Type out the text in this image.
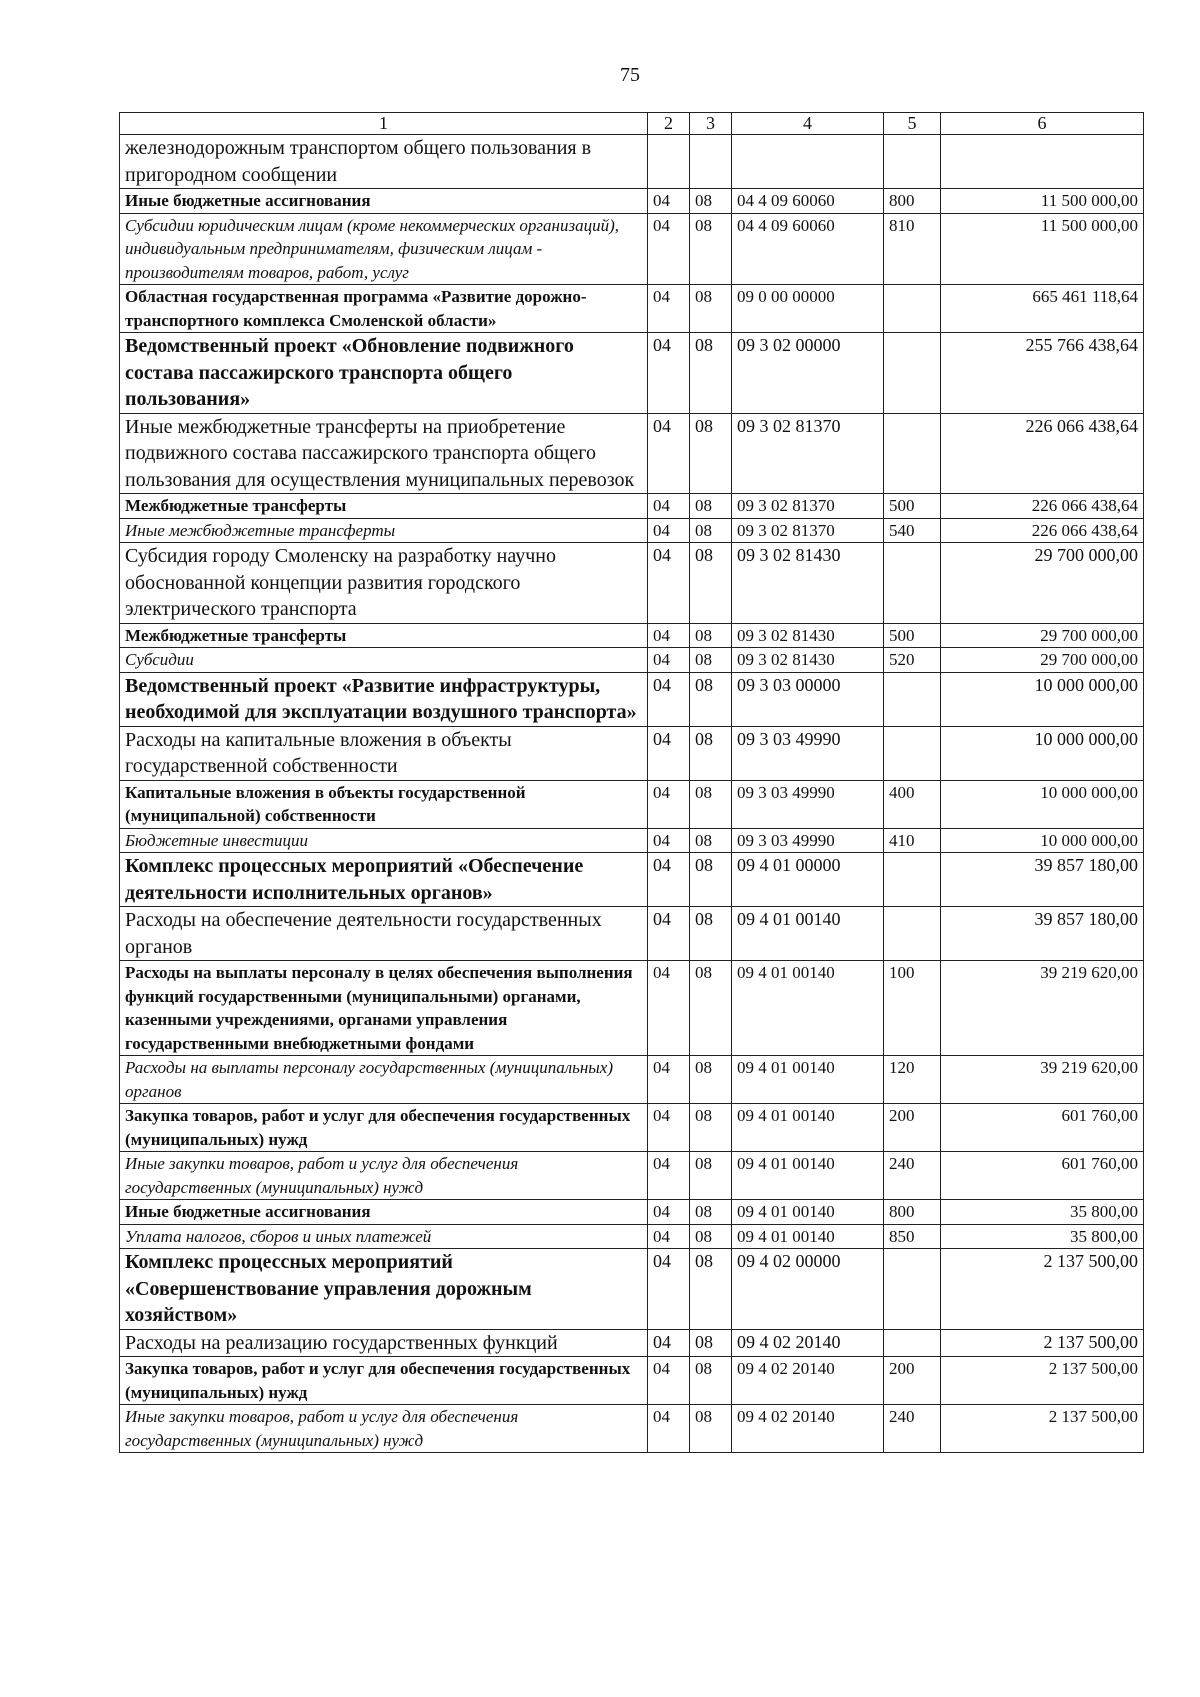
75
1	2	3	4	5	6
железнодорожным транспортом общего пользования в пригородном сообщении					
Иные бюджетные ассигнования	04	08	04 4 09 60060	800	11 500 000,00
Субсидии юридическим лицам (кроме некоммерческих организаций), индивидуальным предпринимателям, физическим лицам - производителям товаров, работ, услуг	04	08	04 4 09 60060	810	11 500 000,00
Областная государственная программа «Развитие дорожно-транспортного комплекса Смоленской области»	04	08	09 0 00 00000		665 461 118,64
Ведомственный проект «Обновление подвижного состава пассажирского транспорта общего пользования»	04	08	09 3 02 00000		255 766 438,64
Иные межбюджетные трансферты на приобретение подвижного состава пассажирского транспорта общего пользования для осуществления муниципальных перевозок	04	08	09 3 02 81370		226 066 438,64
Межбюджетные трансферты	04	08	09 3 02 81370	500	226 066 438,64
Иные межбюджетные трансферты	04	08	09 3 02 81370	540	226 066 438,64
Субсидия городу Смоленску на разработку научно обоснованной концепции развития городского электрического транспорта	04	08	09 3 02 81430		29 700 000,00
Межбюджетные трансферты	04	08	09 3 02 81430	500	29 700 000,00
Субсидии	04	08	09 3 02 81430	520	29 700 000,00
Ведомственный проект «Развитие инфраструктуры, необходимой для эксплуатации воздушного транспорта»	04	08	09 3 03 00000		10 000 000,00
Расходы на капитальные вложения в объекты государственной собственности	04	08	09 3 03 49990		10 000 000,00
Капитальные вложения в объекты государственной (муниципальной) собственности	04	08	09 3 03 49990	400	10 000 000,00
Бюджетные инвестиции	04	08	09 3 03 49990	410	10 000 000,00
Комплекс процессных мероприятий «Обеспечение деятельности исполнительных органов»	04	08	09 4 01 00000		39 857 180,00
Расходы на обеспечение деятельности государственных органов	04	08	09 4 01 00140		39 857 180,00
Расходы на выплаты персоналу в целях обеспечения выполнения функций государственными (муниципальными) органами, казенными учреждениями, органами управления государственными внебюджетными фондами	04	08	09 4 01 00140	100	39 219 620,00
Расходы на выплаты персоналу государственных (муниципальных) органов	04	08	09 4 01 00140	120	39 219 620,00
Закупка товаров, работ и услуг для обеспечения государственных (муниципальных) нужд	04	08	09 4 01 00140	200	601 760,00
Иные закупки товаров, работ и услуг для обеспечения государственных (муниципальных) нужд	04	08	09 4 01 00140	240	601 760,00
Иные бюджетные ассигнования	04	08	09 4 01 00140	800	35 800,00
Уплата налогов, сборов и иных платежей	04	08	09 4 01 00140	850	35 800,00
Комплекс процессных мероприятий «Совершенствование управления дорожным хозяйством»	04	08	09 4 02 00000		2 137 500,00
Расходы на реализацию государственных функций	04	08	09 4 02 20140		2 137 500,00
Закупка товаров, работ и услуг для обеспечения государственных (муниципальных) нужд	04	08	09 4 02 20140	200	2 137 500,00
Иные закупки товаров, работ и услуг для обеспечения государственных (муниципальных) нужд	04	08	09 4 02 20140	240	2 137 500,00
